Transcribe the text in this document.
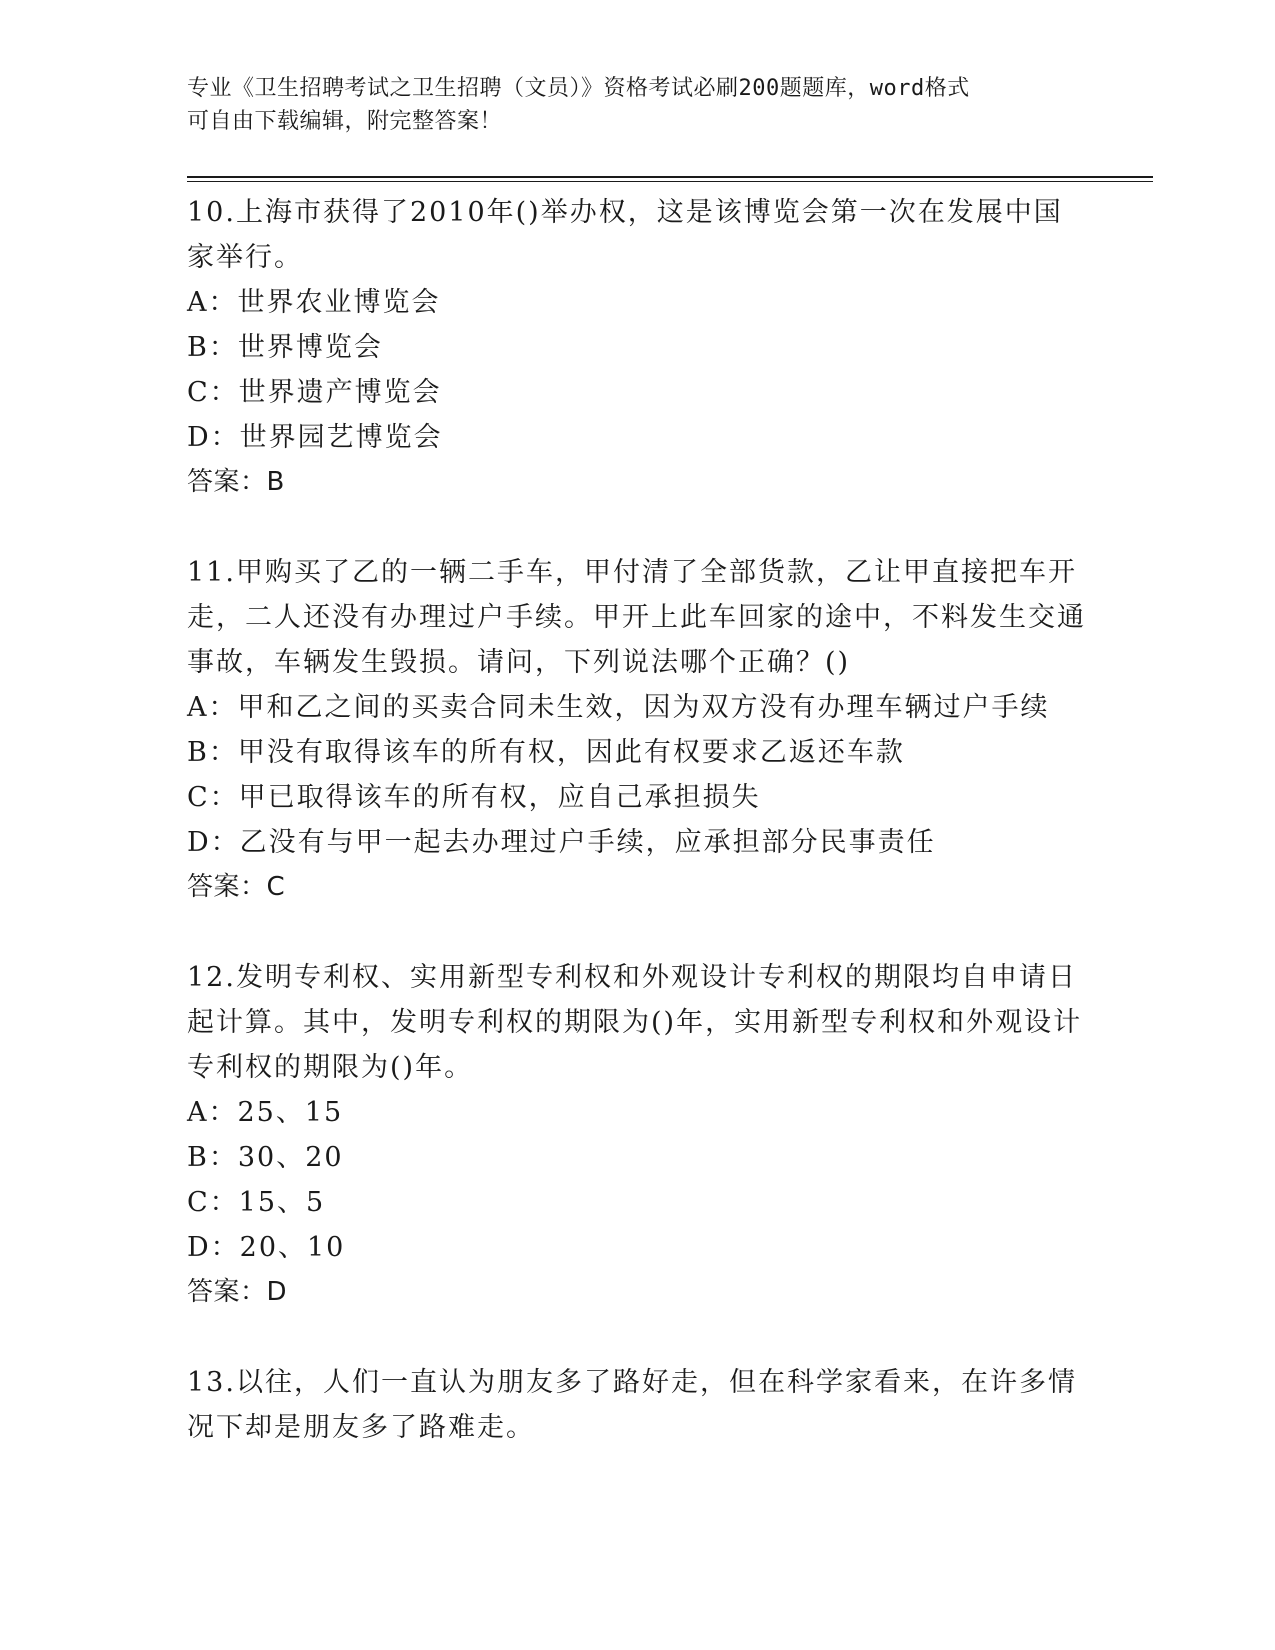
专业《卫生招聘考试之卫生招聘（文员）》资格考试必刷200题题库，word格式
可自由下载编辑，附完整答案！
10.上海市获得了2010年()举办权，这是该博览会第一次在发展中国家举行。
A：世界农业博览会
B：世界博览会
C：世界遗产博览会
D：世界园艺博览会
答案：B
11.甲购买了乙的一辆二手车，甲付清了全部货款，乙让甲直接把车开走，二人还没有办理过户手续。甲开上此车回家的途中，不料发生交通事故，车辆发生毁损。请问，下列说法哪个正确？()
A：甲和乙之间的买卖合同未生效，因为双方没有办理车辆过户手续
B：甲没有取得该车的所有权，因此有权要求乙返还车款
C：甲已取得该车的所有权，应自己承担损失
D：乙没有与甲一起去办理过户手续，应承担部分民事责任
答案：C
12.发明专利权、实用新型专利权和外观设计专利权的期限均自申请日起计算。其中，发明专利权的期限为()年，实用新型专利权和外观设计专利权的期限为()年。
A：25、15
B：30、20
C：15、5
D：20、10
答案：D
13.以往，人们一直认为朋友多了路好走，但在科学家看来，在许多情况下却是朋友多了路难走。
